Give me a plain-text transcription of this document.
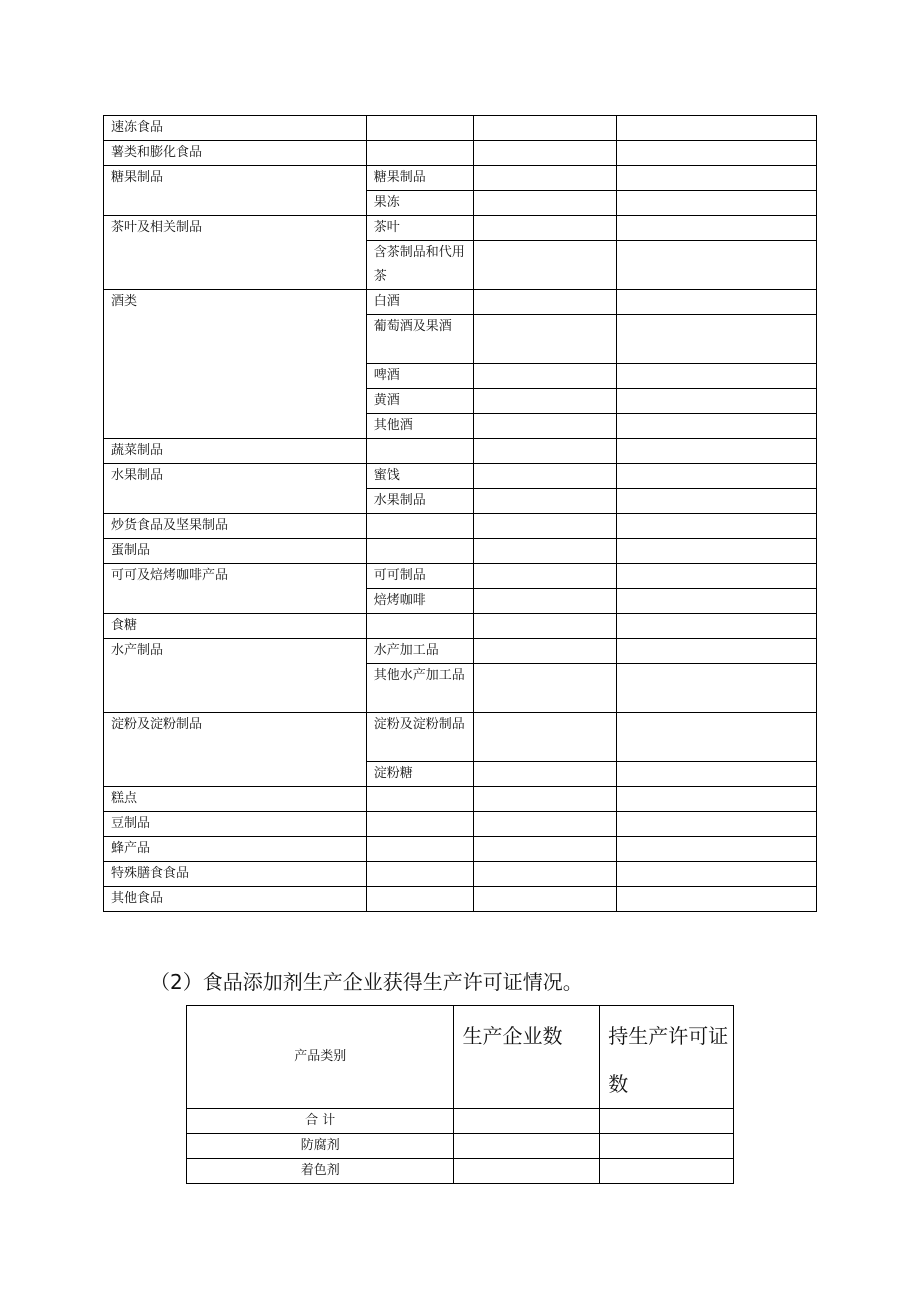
速冻食品			
薯类和膨化食品			
糖果制品	糖果制品		
	果冻		
茶叶及相关制品	茶叶		
	含茶制品和代用茶		
酒类	白酒		
	葡萄酒及果酒		
	啤酒		
	黄酒		
	其他酒		
蔬菜制品			
水果制品	蜜饯		
	水果制品		
炒货食品及坚果制品			
蛋制品			
可可及焙烤咖啡产品	可可制品		
	焙烤咖啡		
食糖			
水产制品	水产加工品		
	其他水产加工品		
淀粉及淀粉制品	淀粉及淀粉制品		
	淀粉糖		
糕点			
豆制品			
蜂产品			
特殊膳食食品			
其他食品			
（2）食品添加剂生产企业获得生产许可证情况。
产品类别	生产企业数	持生产许可证数
合 计		
防腐剂		
着色剂		
